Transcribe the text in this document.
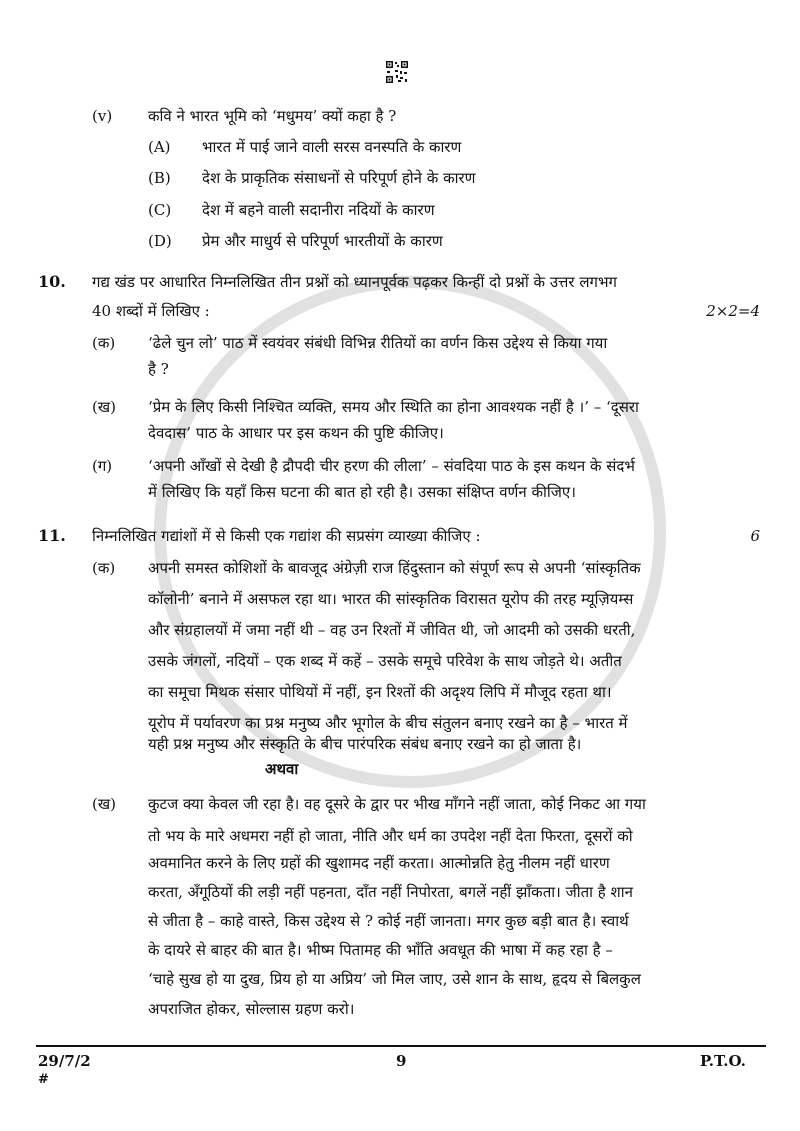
(v) कवि ने भारत भूमि को ‘मधुमय’ क्यों कहा है ?
(A) भारत में पाई जाने वाली सरस वनस्पति के कारण
(B) देश के प्राकृतिक संसाधनों से परिपूर्ण होने के कारण
(C) देश में बहने वाली सदानीरा नदियों के कारण
(D) प्रेम और माधुर्य से परिपूर्ण भारतीयों के कारण
10. गद्य खंड पर आधारित निम्नलिखित तीन प्रश्नों को ध्यानपूर्वक पढ़कर किन्हीं दो प्रश्नों के उत्तर लगभग
40 शब्दों में लिखिए :	2×2=4
(क) ‘ढेले चुन लो’ पाठ में स्वयंवर संबंधी विभिन्न रीतियों का वर्णन किस उद्देश्य से किया गया
है ?
(ख) ‘प्रेम के लिए किसी निश्चित व्यक्ति, समय और स्थिति का होना आवश्यक नहीं है ।’ – ‘दूसरा
देवदास’ पाठ के आधार पर इस कथन की पुष्टि कीजिए।
(ग) ‘अपनी आँखों से देखी है द्रौपदी चीर हरण की लीला’ – संवदिया पाठ के इस कथन के संदर्भ
में लिखिए कि यहाँ किस घटना की बात हो रही है। उसका संक्षिप्त वर्णन कीजिए।
11. निम्नलिखित गद्यांशों में से किसी एक गद्यांश की सप्रसंग व्याख्या कीजिए :	6
(क) अपनी समस्त कोशिशों के बावजूद अंग्रेज़ी राज हिंदुस्तान को संपूर्ण रूप से अपनी ‘सांस्कृतिक
कॉलोनी’ बनाने में असफल रहा था। भारत की सांस्कृतिक विरासत यूरोप की तरह म्यूज़ियम्स
और संग्रहालयों में जमा नहीं थी – वह उन रिश्तों में जीवित थी, जो आदमी को उसकी धरती,
उसके जंगलों, नदियों – एक शब्द में कहें – उसके समूचे परिवेश के साथ जोड़ते थे। अतीत
का समूचा मिथक संसार पोथियों में नहीं, इन रिश्तों की अदृश्य लिपि में मौजूद रहता था।
यूरोप में पर्यावरण का प्रश्न मनुष्य और भूगोल के बीच संतुलन बनाए रखने का है – भारत में
यही प्रश्न मनुष्य और संस्कृति के बीच पारंपरिक संबंध बनाए रखने का हो जाता है।
अथवा
(ख) कुटज क्या केवल जी रहा है। वह दूसरे के द्वार पर भीख माँगने नहीं जाता, कोई निकट आ गया
तो भय के मारे अधमरा नहीं हो जाता, नीति और धर्म का उपदेश नहीं देता फिरता, दूसरों को
अवमानित करने के लिए ग्रहों की खुशामद नहीं करता। आत्मोन्नति हेतु नीलम नहीं धारण
करता, अँगूठियों की लड़ी नहीं पहनता, दाँत नहीं निपोरता, बगलें नहीं झाँकता। जीता है शान
से जीता है – काहे वास्ते, किस उद्देश्य से ? कोई नहीं जानता। मगर कुछ बड़ी बात है। स्वार्थ
के दायरे से बाहर की बात है। भीष्म पितामह की भाँति अवधूत की भाषा में कह रहा है –
‘चाहे सुख हो या दुख, प्रिय हो या अप्रिय’ जो मिल जाए, उसे शान के साथ, हृदय से बिलकुल
अपराजित होकर, सोल्लास ग्रहण करो।
29/7/2
#
9	P.T.O.
